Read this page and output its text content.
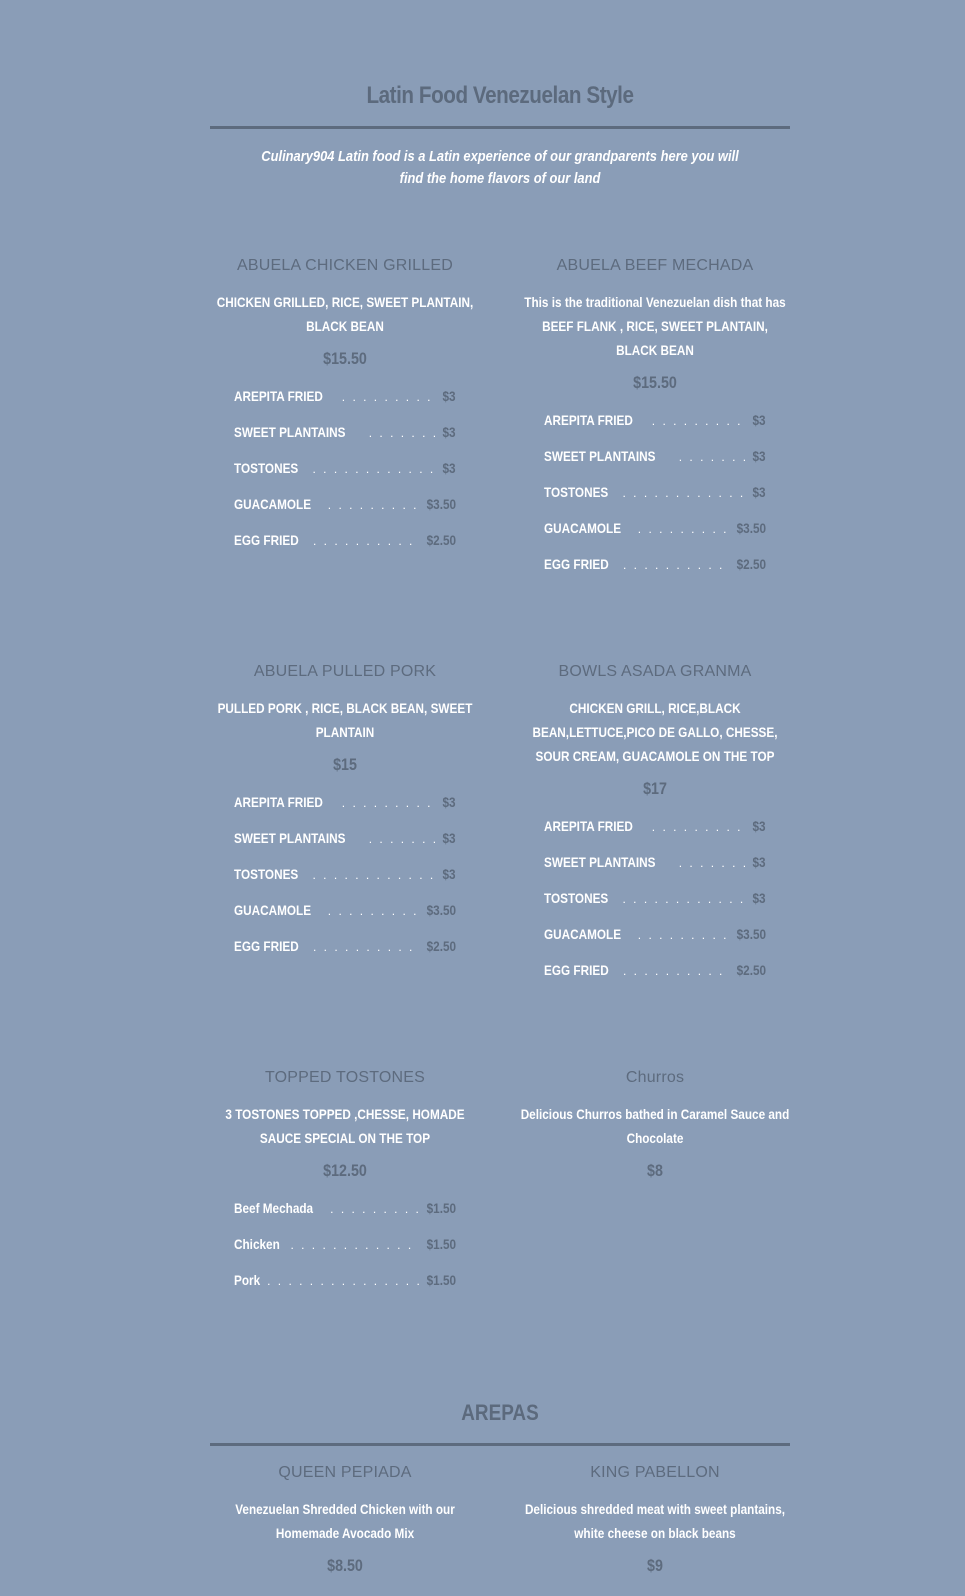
Latin Food Venezuelan Style
Culinary904 Latin food is a Latin experience of our grandparents here you will find the home flavors of our land
ABUELA CHICKEN GRILLED
CHICKEN GRILLED, RICE, SWEET PLANTAIN, BLACK BEAN
$15.50
AREPITA FRIED . . .	$3
SWEET PLANTAINS . . .	$3
TOSTONES . . .	$3
GUACAMOLE . . .	$3.50
EGG FRIED . . .	$2.50
ABUELA BEEF MECHADA
This is the traditional Venezuelan dish that has BEEF FLANK , RICE, SWEET PLANTAIN, BLACK BEAN
$15.50
AREPITA FRIED . . .	$3
SWEET PLANTAINS . . .	$3
TOSTONES . . .	$3
GUACAMOLE . . .	$3.50
EGG FRIED . . .	$2.50
ABUELA PULLED PORK
PULLED PORK , RICE, BLACK BEAN, SWEET PLANTAIN
$15
AREPITA FRIED . . .	$3
SWEET PLANTAINS . . .	$3
TOSTONES . . .	$3
GUACAMOLE . . .	$3.50
EGG FRIED . . .	$2.50
BOWLS ASADA GRANMA
CHICKEN GRILL, RICE,BLACK BEAN,LETTUCE,PICO DE GALLO, CHESSE, SOUR CREAM, GUACAMOLE ON THE TOP
$17
AREPITA FRIED . . .	$3
SWEET PLANTAINS . . .	$3
TOSTONES . . .	$3
GUACAMOLE . . .	$3.50
EGG FRIED . . .	$2.50
TOPPED TOSTONES
3 TOSTONES TOPPED ,CHESSE, HOMADE SAUCE SPECIAL ON THE TOP
$12.50
Beef Mechada . . .	$1.50
Chicken . . .	$1.50
Pork . . .	$1.50
Churros
Delicious Churros bathed in Caramel Sauce and Chocolate
$8
AREPAS
QUEEN PEPIADA
Venezuelan Shredded Chicken with our Homemade Avocado Mix
$8.50
KING PABELLON
Delicious shredded meat with sweet plantains, white cheese on black beans
$9
